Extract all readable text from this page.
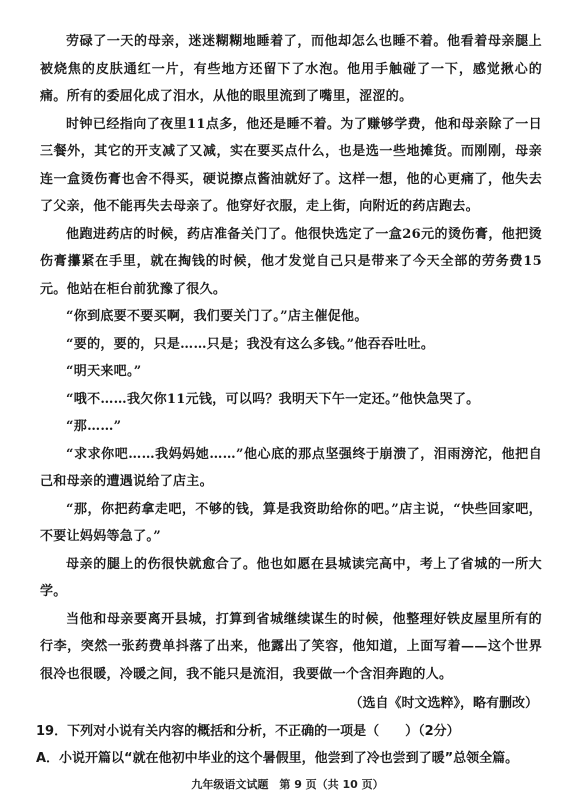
劳碌了一天的母亲，迷迷糊糊地睡着了，而他却怎么也睡不着。他看着母亲腿上被烧焦的皮肤通红一片，有些地方还留下了水泡。他用手触碰了一下，感觉揪心的痛。所有的委屈化成了泪水，从他的眼里流到了嘴里，涩涩的。

时钟已经指向了夜里11点多，他还是睡不着。为了赚够学费，他和母亲除了一日三餐外，其它的开支减了又减，实在要买点什么，也是选一些地摊货。而刚刚，母亲连一盒烫伤膏也舍不得买，硬说擦点酱油就好了。这样一想，他的心更痛了，他失去了父亲，他不能再失去母亲了。他穿好衣服，走上街，向附近的药店跑去。

他跑进药店的时候，药店准备关门了。他很快选定了一盒26元的烫伤膏，他把烫伤膏攥紧在手里，就在掏钱的时候，他才发觉自己只是带来了今天全部的劳务费15元。他站在柜台前犹豫了很久。

“你到底要不要买啊，我们要关门了。”店主催促他。

“要的，要的，只是……只是；我没有这么多钱。”他吞吞吐吐。

“明天来吧。”

“哦不……我欠你11元钱，可以吗？我明天下午一定还。”他快急哭了。

“那……”

“求求你吧……我妈妈她……”他心底的那点坚强终于崩溃了，泪雨滂沱，他把自己和母亲的遭遇说给了店主。

“那，你把药拿走吧，不够的钱，算是我资助给你的吧。”店主说，“快些回家吧，不要让妈妈等急了。”

母亲的腿上的伤很快就愈合了。他也如愿在县城读完高中，考上了省城的一所大学。

当他和母亲要离开县城，打算到省城继续谋生的时候，他整理好铁皮屋里所有的行李，突然一张药费单抖落了出来，他露出了笑容，他知道，上面写着——这个世界很冷也很暖，冷暖之间，我不能只是流泪，我要做一个含泪奔跑的人。

（选自《时文选粹》，略有删改）

19．下列对小说有关内容的概括和分析，不正确的一项是（　　）（2分）

A．小说开篇以“就在他初中毕业的这个暑假里，他尝到了冷也尝到了暖”总领全篇。

九年级语文试题　第 9 页（共 10 页）
